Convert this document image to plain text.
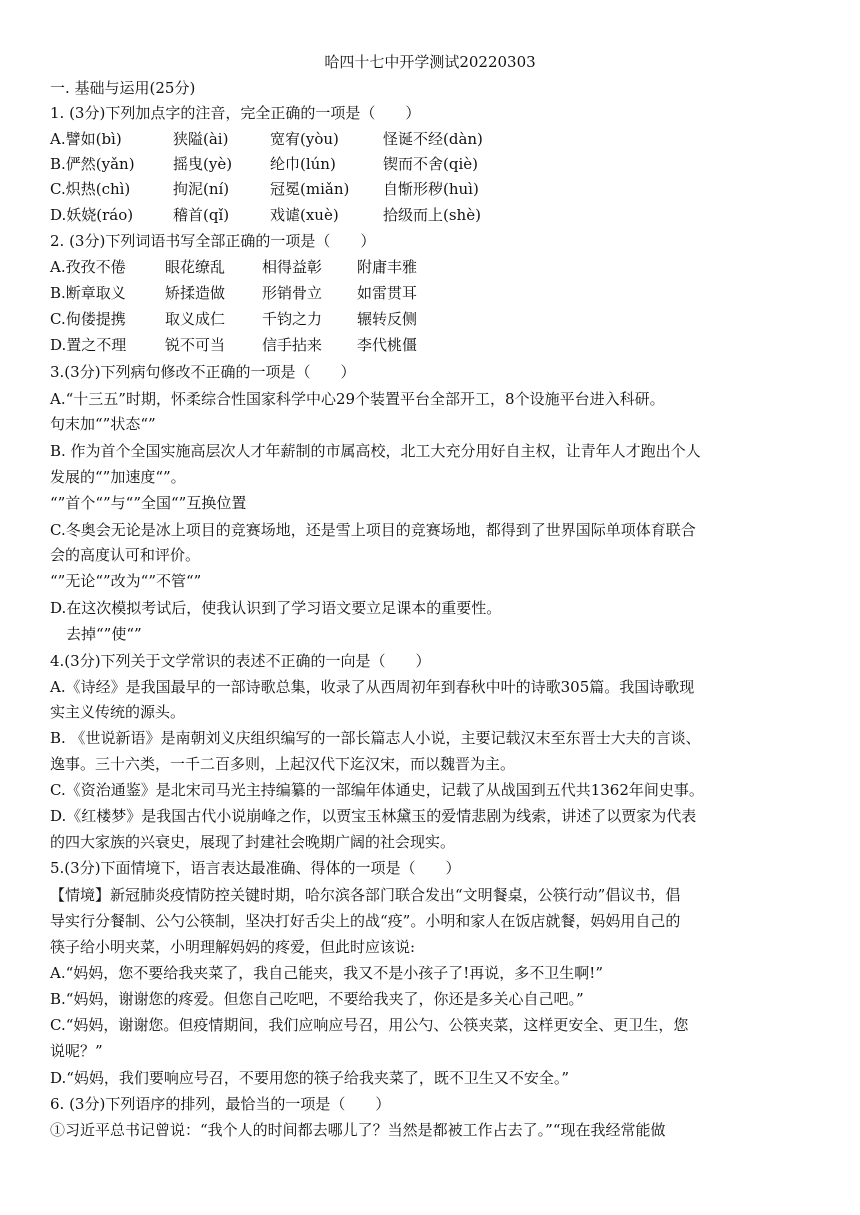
哈四十七中开学测试20220303
一. 基础与运用(25分)
1. (3分)下列加点字的注音，完全正确的一项是（　　）
A.譬如(bì)	狭隘(ài)	宽宥(yòu)	怪诞不经(dàn)
B.俨然(yǎn)	摇曳(yè)	纶巾(lún)	锲而不舍(qiè)
C.炽热(chì)	拘泥(ní)	冠冕(miǎn) 自惭形秽(huì)
D.妖娆(ráo)	稽首(qǐ)	戏谑(xuè)	拾级而上(shè)
2. (3分)下列词语书写全部正确的一项是（　　）
A.孜孜不倦	眼花缭乱 相得益彰 附庸丰雅
B.断章取义	矫揉造做 形销骨立 如雷贯耳
C.佝偻提携	取义成仁 千钧之力 辗转反侧
D.置之不理	锐不可当 信手拈来 李代桃僵
3.(3分)下列病句修改不正确的一项是（　　）
A.“十三五”时期，怀柔综合性国家科学中心29个装置平台全部开工，8个设施平台进入科研。
句末加“”状态“”
B. 作为首个全国实施高层次人才年薪制的市属高校，北工大充分用好自主权，让青年人才跑出个人
发展的“”加速度“”。
“”首个“”与“”全国“”互换位置
C.冬奥会无论是冰上项目的竞赛场地，还是雪上项目的竞赛场地，都得到了世界国际单项体育联合
会的高度认可和评价。
“”无论“”改为“”不管“”
D.在这次模拟考试后，使我认识到了学习语文要立足课本的重要性。
去掉“”使“”
4.(3分)下列关于文学常识的表述不正确的一向是（　　）
A.《诗经》是我国最早的一部诗歌总集，收录了从西周初年到春秋中叶的诗歌305篇。我国诗歌现
实主义传统的源头。
B. 《世说新语》是南朝刘义庆组织编写的一部长篇志人小说，主要记载汉末至东晋士大夫的言谈、
逸事。三十六类，一千二百多则，上起汉代下迄汉宋，而以魏晋为主。
C.《资治通鉴》是北宋司马光主持编纂的一部编年体通史，记载了从战国到五代共1362年间史事。
D.《红楼梦》是我国古代小说崩峰之作，以贾宝玉林黛玉的爱情悲剧为线索，讲述了以贾家为代表
的四大家族的兴衰史，展现了封建社会晚期广阔的社会现实。
5.(3分)下面情境下，语言表达最准确、得体的一项是（　　）
【情境】新冠肺炎疫情防控关键时期，哈尔滨各部门联合发出“文明餐桌，公筷行动”倡议书，倡
导实行分餐制、公勺公筷制，坚决打好舌尖上的战“疫”。小明和家人在饭店就餐，妈妈用自己的
筷子给小明夹菜，小明理解妈妈的疼爱，但此时应该说:
A.“妈妈，您不要给我夹菜了，我自己能夹，我又不是小孩子了!再说，多不卫生啊!”
B.“妈妈，谢谢您的疼爱。但您自己吃吧，不要给我夹了，你还是多关心自己吧。”
C.“妈妈，谢谢您。但疫情期间，我们应响应号召，用公勺、公筷夹菜，这样更安全、更卫生，您
说呢？”
D.“妈妈，我们要响应号召，不要用您的筷子给我夹菜了，既不卫生又不安全。”
6. (3分)下列语序的排列，最恰当的一项是（　　）
①习近平总书记曾说：“我个人的时间都去哪儿了？当然是都被工作占去了。”“现在我经常能做
